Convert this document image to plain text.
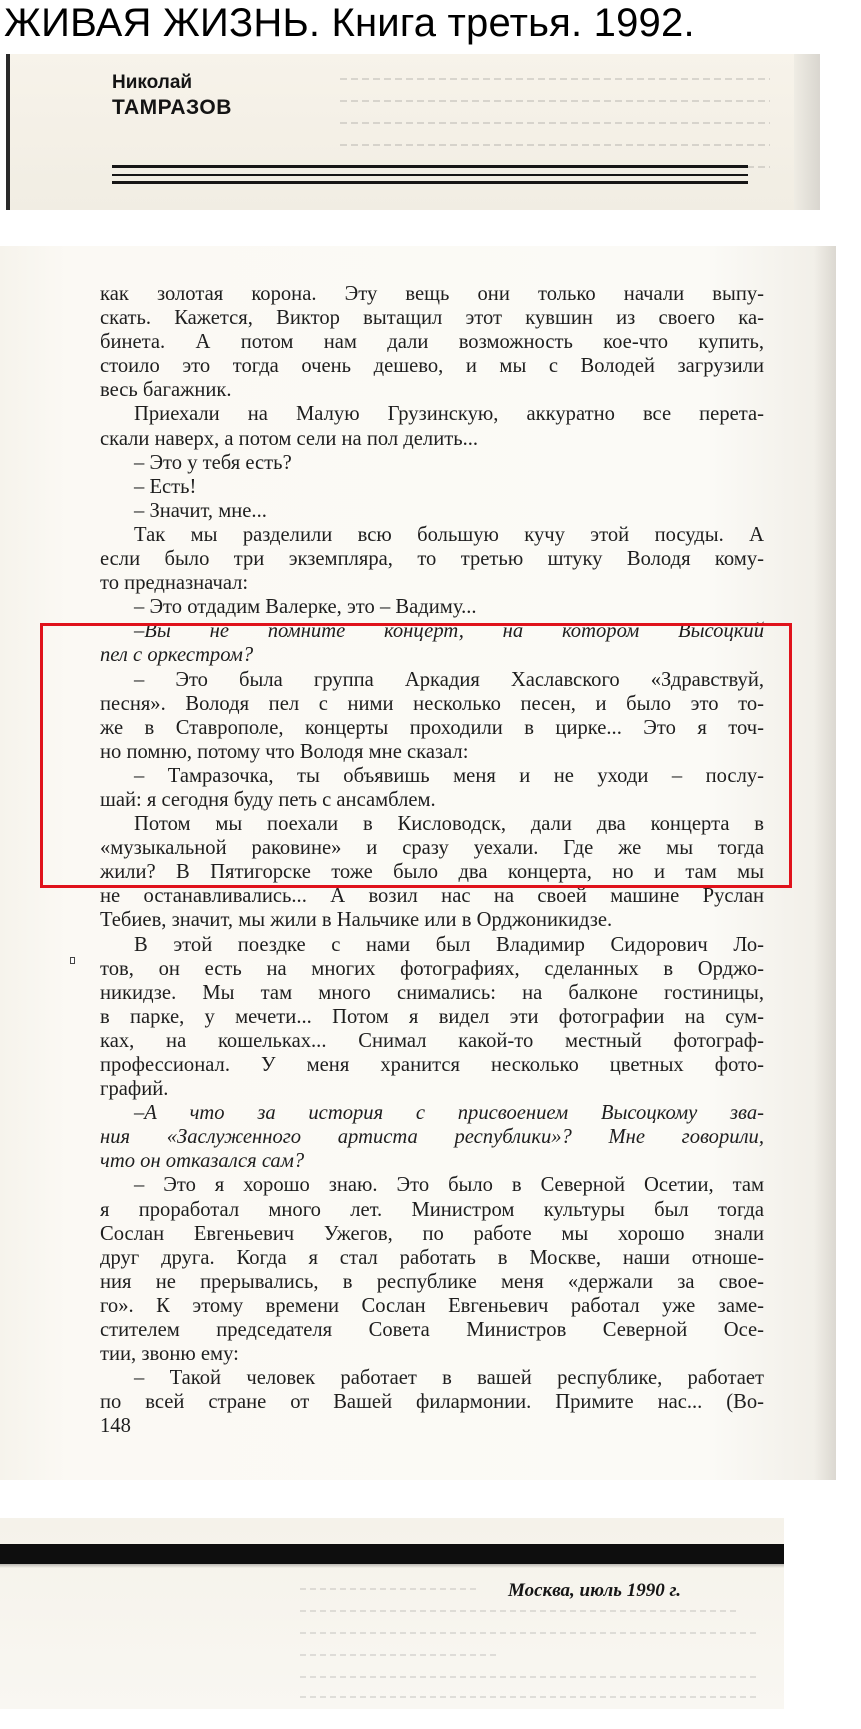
ЖИВАЯ ЖИЗНЬ. Книга третья. 1992.
Николай
ТАМРАЗОВ

как золотая корона. Эту вещь они только начали выпу-

скать. Кажется, Виктор вытащил этот кувшин из своего ка-

бинета. А потом нам дали возможность кое-что купить,

стоило это тогда очень дешево, и мы с Володей загрузили

весь багажник.

Приехали на Малую Грузинскую, аккуратно все перета-

скали наверх, а потом сели на пол делить...

– Это у тебя есть?

– Есть!

– Значит, мне...

Так мы разделили всю большую кучу этой посуды. А

если было три экземпляра, то третью штуку Володя кому-

то предназначал:

– Это отдадим Валерке, это – Вадиму...

–Вы не помните концерт, на котором Высоцкий

пел с оркестром?

– Это была группа Аркадия Хаславского «Здравствуй,

песня». Володя пел с ними несколько песен, и было это то-

же в Ставрополе, концерты проходили в цирке... Это я точ-

но помню, потому что Володя мне сказал:

– Тамразочка, ты объявишь меня и не уходи – послу-

шай: я сегодня буду петь с ансамблем.

Потом мы поехали в Кисловодск, дали два концерта в

«музыкальной раковине» и сразу уехали. Где же мы тогда

жили? В Пятигорске тоже было два концерта, но и там мы

не останавливались... А возил нас на своей машине Руслан

Тебиев, значит, мы жили в Нальчике или в Орджоникидзе.

В этой поездке с нами был Владимир Сидорович Ло-

тов, он есть на многих фотографиях, сделанных в Орджо-

никидзе. Мы там много снимались: на балконе гостиницы,

в парке, у мечети... Потом я видел эти фотографии на сум-

ках, на кошельках... Снимал какой-то местный фотограф-

профессионал. У меня хранится несколько цветных фото-

графий.

–А что за история с присвоением Высоцкому зва-

ния «Заслуженного артиста республики»? Мне говорили,

что он отказался сам?

– Это я хорошо знаю. Это было в Северной Осетии, там

я проработал много лет. Министром культуры был тогда

Сослан Евгеньевич Ужегов, по работе мы хорошо знали

друг друга. Когда я стал работать в Москве, наши отноше-

ния не прерывались, в республике меня «держали за свое-

го». К этому времени Сослан Евгеньевич работал уже заме-

стителем председателя Совета Министров Северной Осе-

тии, звоню ему:

– Такой человек работает в вашей республике, работает

по всей стране от Вашей филармонии. Примите нас... (Во-

148

Москва, июль 1990 г.
